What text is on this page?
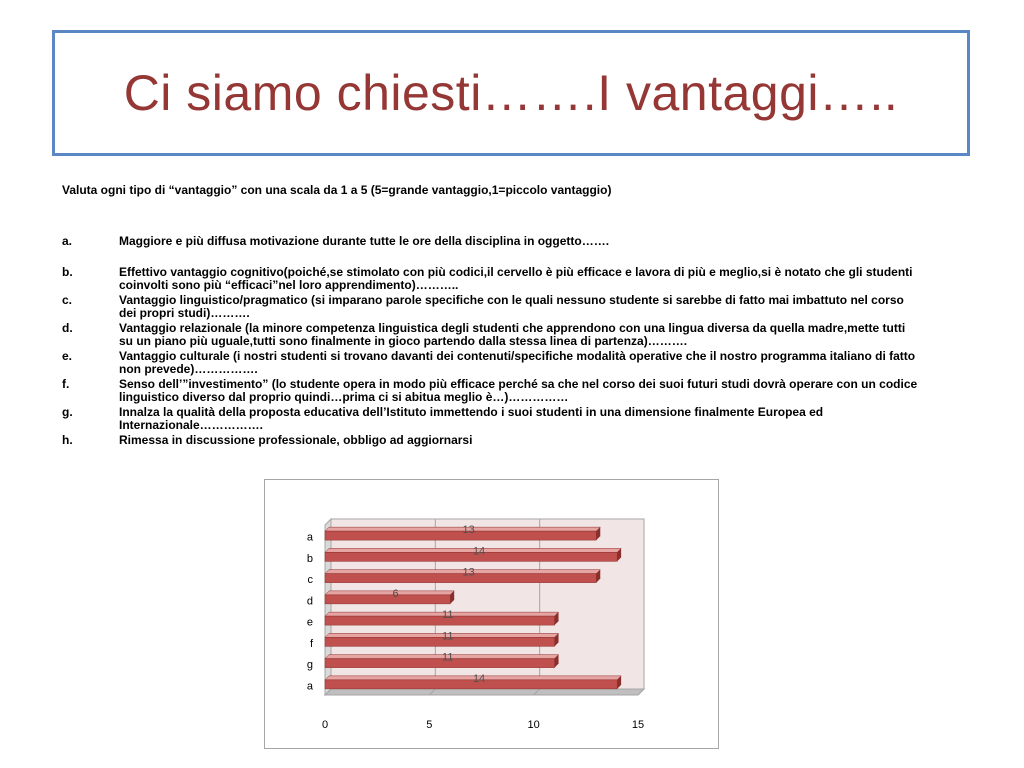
Ci siamo chiesti…….I vantaggi…..
Valuta ogni tipo di “vantaggio” con una scala da 1 a 5 (5=grande vantaggio,1=piccolo vantaggio)
a.	Maggiore e più diffusa motivazione durante tutte le ore della disciplina in oggetto…….
b.	Effettivo vantaggio cognitivo(poiché,se stimolato con più codici,il cervello è più efficace e lavora di più e meglio,si è notato che gli studenti coinvolti sono più “efficaci”nel loro apprendimento)………..
c.	Vantaggio linguistico/pragmatico (si imparano parole specifiche con le quali nessuno studente si sarebbe di fatto mai imbattuto nel corso dei propri studi)……….
d.	Vantaggio relazionale (la minore competenza linguistica degli studenti che apprendono con una lingua diversa da quella madre,mette tutti su un piano più uguale,tutti sono finalmente in gioco partendo dalla stessa linea di partenza)……….
e.	Vantaggio culturale (i nostri studenti si trovano davanti dei contenuti/specifiche modalità operative che il nostro programma italiano di fatto non prevede)…………….
f.	Senso dell’”investimento” (lo studente opera in modo più efficace perché sa che nel corso dei suoi futuri studi dovrà operare con un codice linguistico diverso dal proprio quindi…prima ci si abitua meglio è…)……………
g.	Innalza la qualità della proposta educativa dell’Istituto immettendo i suoi studenti in una dimensione finalmente Europea ed Internazionale…………….
h.	Rimessa in discussione professionale, obbligo ad aggiornarsi
0	5	10	15
a
13
b
14
c
13
d
6
e
11
f
11
g
11
a
14
